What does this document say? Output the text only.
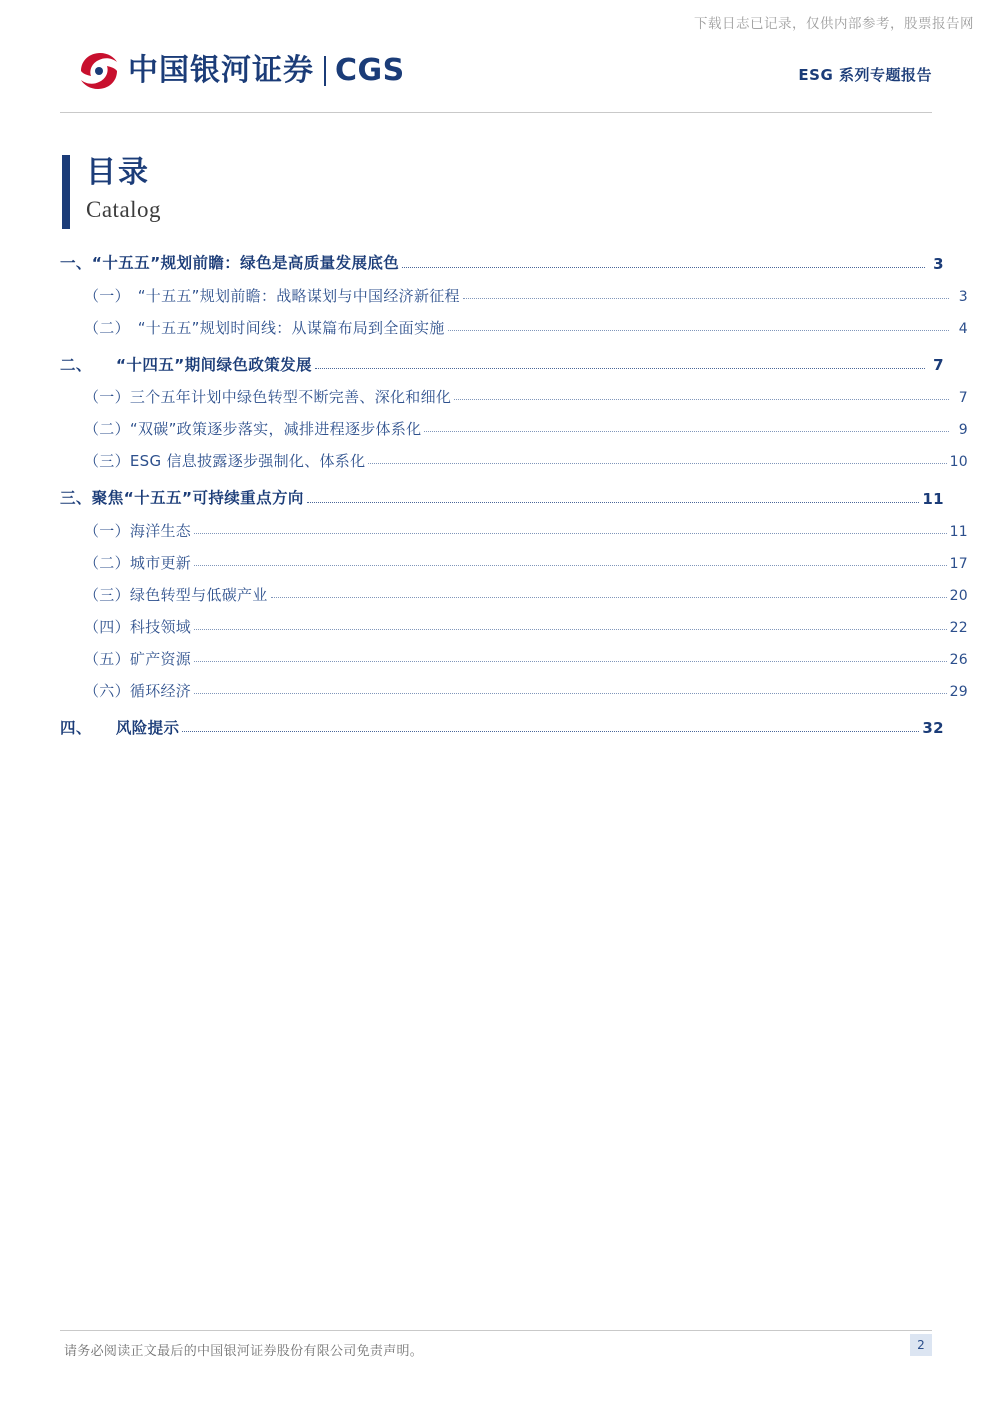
下载日志已记录，仅供内部参考，股票报告网
中国银河证券 CGS	ESG 系列专题报告
目录
Catalog
一、“十五五”规划前瞻：绿色是高质量发展底色	3
（一）　“十五五”规划前瞻：战略谋划与中国经济新征程	3
（二）　“十五五”规划时间线：从谋篇布局到全面实施	4
二、　　“十四五”期间绿色政策发展	7
（一）三个五年计划中绿色转型不断完善、深化和细化	7
（二）“双碳”政策逐步落实，减排进程逐步体系化	9
（三）ESG 信息披露逐步强制化、体系化	10
三、聚焦“十五五”可持续重点方向	11
（一）海洋生态	11
（二）城市更新	17
（三）绿色转型与低碳产业	20
（四）科技领域	22
（五）矿产资源	26
（六）循环经济	29
四、　　风险提示	32
请务必阅读正文最后的中国银河证券股份有限公司免责声明。	2
